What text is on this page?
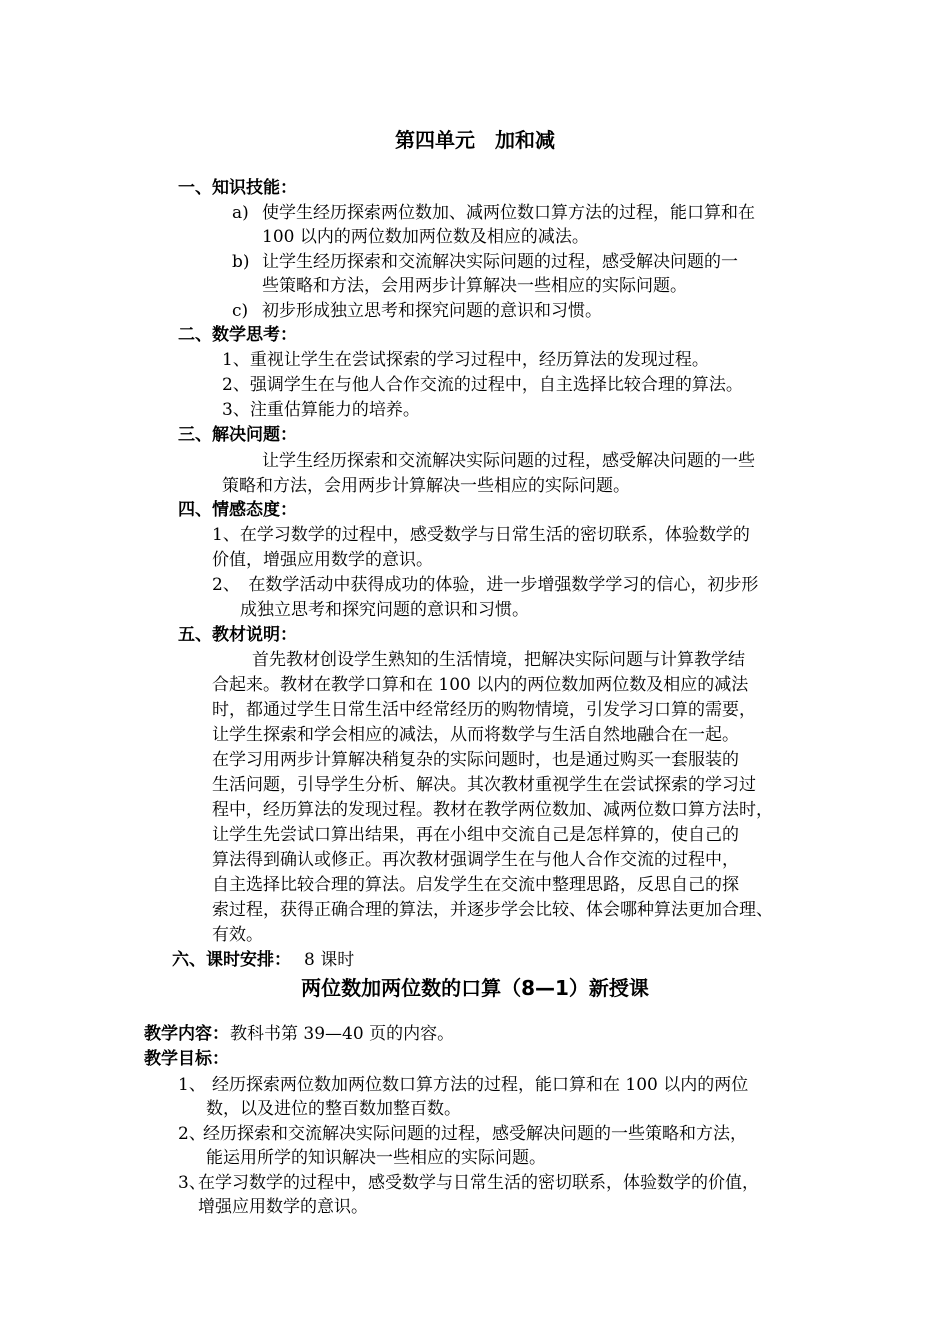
第四单元　加和减
一、知识技能：
a) 使学生经历探索两位数加、减两位数口算方法的过程，能口算和在
100 以内的两位数加两位数及相应的减法。
b) 让学生经历探索和交流解决实际问题的过程，感受解决问题的一
些策略和方法，会用两步计算解决一些相应的实际问题。
c) 初步形成独立思考和探究问题的意识和习惯。
二、数学思考：
1、重视让学生在尝试探索的学习过程中，经历算法的发现过程。
2、强调学生在与他人合作交流的过程中，自主选择比较合理的算法。
3、注重估算能力的培养。
三、解决问题：
让学生经历探索和交流解决实际问题的过程，感受解决问题的一些
策略和方法，会用两步计算解决一些相应的实际问题。
四、情感态度：
1、在学习数学的过程中，感受数学与日常生活的密切联系，体验数学的
价值，增强应用数学的意识。
2、　在数学活动中获得成功的体验，进一步增强数学学习的信心，初步形
成独立思考和探究问题的意识和习惯。
五、教材说明：
首先教材创设学生熟知的生活情境，把解决实际问题与计算教学结
合起来。教材在教学口算和在 100 以内的两位数加两位数及相应的减法
时，都通过学生日常生活中经常经历的购物情境，引发学习口算的需要，
让学生探索和学会相应的减法，从而将数学与生活自然地融合在一起。
在学习用两步计算解决稍复杂的实际问题时，也是通过购买一套服装的
生活问题，引导学生分析、解决。其次教材重视学生在尝试探索的学习过
程中，经历算法的发现过程。教材在教学两位数加、减两位数口算方法时，
让学生先尝试口算出结果，再在小组中交流自己是怎样算的，使自己的
算法得到确认或修正。再次教材强调学生在与他人合作交流的过程中，
自主选择比较合理的算法。启发学生在交流中整理思路，反思自己的探
索过程，获得正确合理的算法，并逐步学会比较、体会哪种算法更加合理、
有效。
六、课时安排： 8 课时
两位数加两位数的口算（8—1）新授课
教学内容： 教科书第 39—40 页的内容。
教学目标：
1、 经历探索两位数加两位数口算方法的过程，能口算和在 100 以内的两位
数，以及进位的整百数加整百数。
2、
经历探索和交流解决实际问题的过程，感受解决问题的一些策略和方法，
能运用所学的知识解决一些相应的实际问题。
3、
在学习数学的过程中，感受数学与日常生活的密切联系，体验数学的价值，
增强应用数学的意识。
